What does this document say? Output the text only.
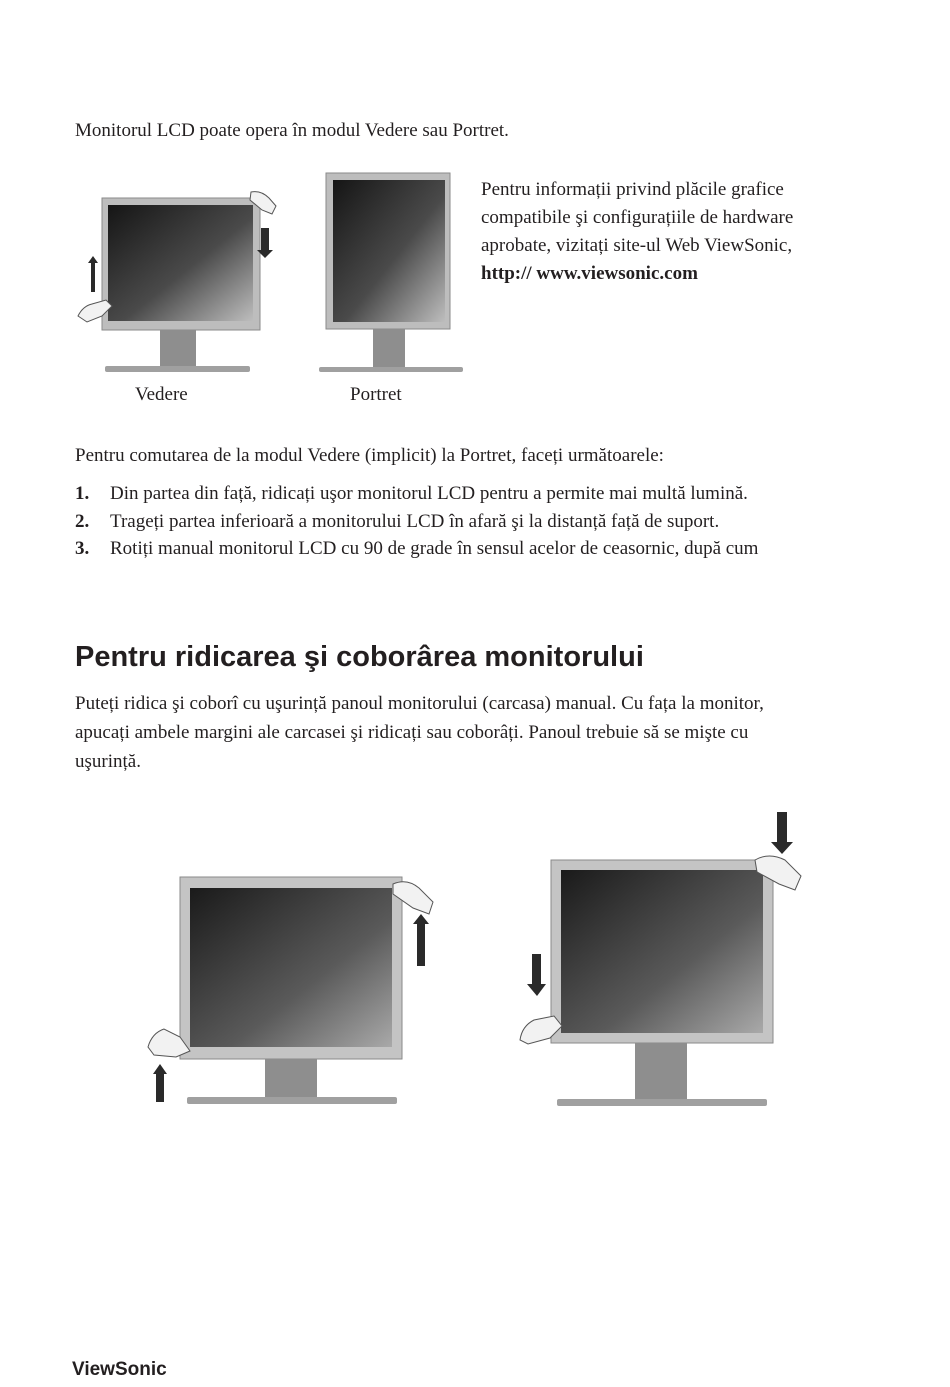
Monitorul LCD poate opera în modul Vedere sau Portret.
Pentru informații privind plăcile grafice
compatibile şi configurațiile de hardware
aprobate, vizitați site-ul Web ViewSonic,
http:// www.viewsonic.com
Vedere	Portret
Pentru comutarea de la modul Vedere (implicit) la Portret, faceți următoarele:
1.	Din partea din față, ridicați uşor monitorul LCD pentru a permite mai multă lumină.
2.	Trageți partea inferioară a monitorului LCD în afară şi la distanță față de suport.
3.	Rotiți manual monitorul LCD cu 90 de grade în sensul acelor de ceasornic, după cum
Pentru ridicarea şi coborârea monitorului
Puteți ridica şi coborî cu uşurință panoul monitorului (carcasa) manual. Cu fața la monitor,
apucați ambele margini ale carcasei şi ridicați sau coborâți. Panoul trebuie să se mişte cu
uşurință.
ViewSonic
